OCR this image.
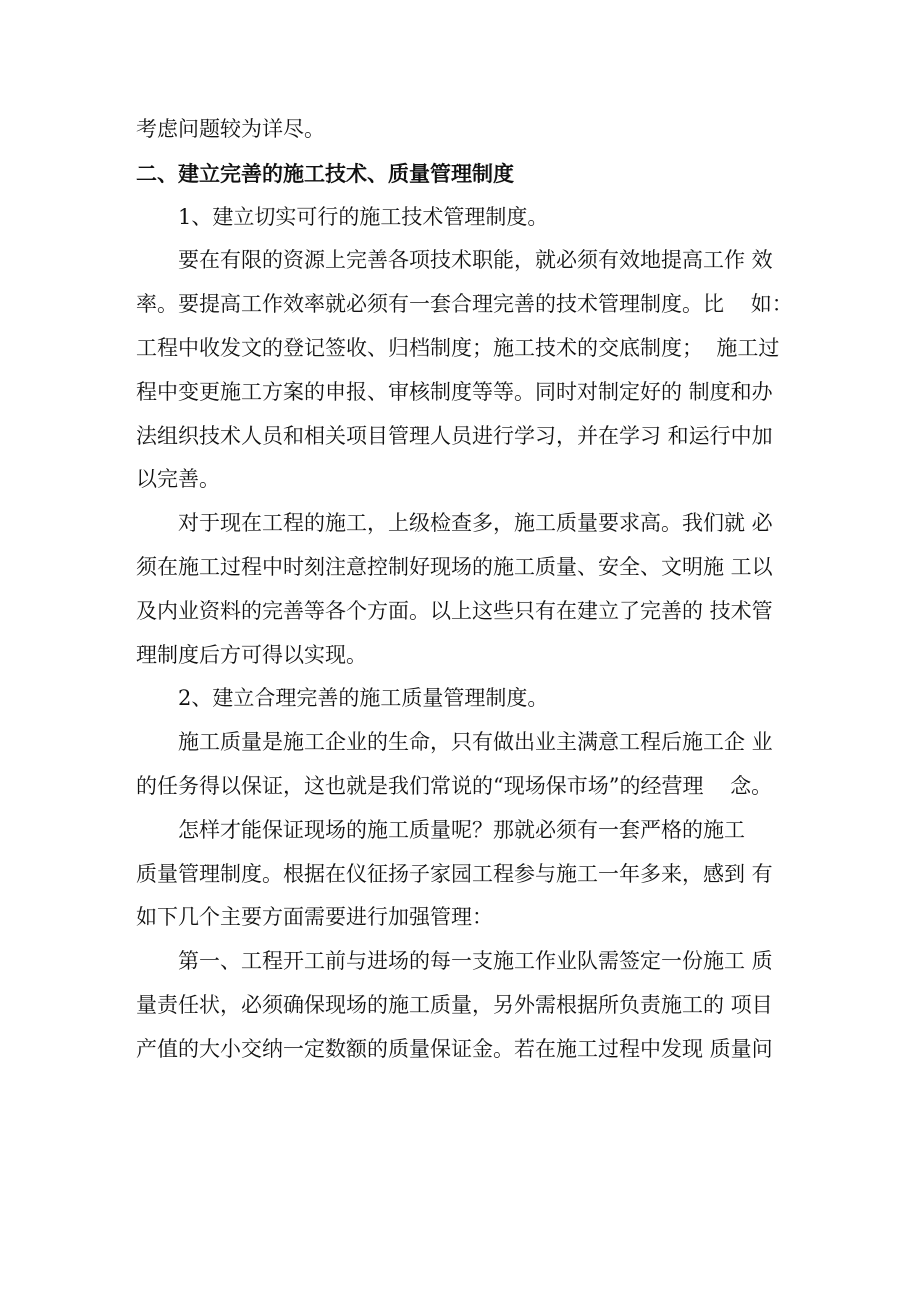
考虑问题较为详尽。

二、建立完善的施工技术、质量管理制度

1、建立切实可行的施工技术管理制度。

要在有限的资源上完善各项技术职能，就必须有效地提高工作 效

率。要提高工作效率就必须有一套合理完善的技术管理制度。比    如：

工程中收发文的登记签收、归档制度；施工技术的交底制度；  施工过

程中变更施工方案的申报、审核制度等等。同时对制定好的 制度和办

法组织技术人员和相关项目管理人员进行学习，并在学习 和运行中加

以完善。

对于现在工程的施工，上级检查多，施工质量要求高。我们就 必

须在施工过程中时刻注意控制好现场的施工质量、安全、文明施 工以

及内业资料的完善等各个方面。以上这些只有在建立了完善的 技术管

理制度后方可得以实现。

2、建立合理完善的施工质量管理制度。

施工质量是施工企业的生命，只有做出业主满意工程后施工企 业

的任务得以保证，这也就是我们常说的“现场保市场”的经营理    念。

怎样才能保证现场的施工质量呢？那就必须有一套严格的施工

质量管理制度。根据在仪征扬子家园工程参与施工一年多来，感到 有

如下几个主要方面需要进行加强管理：

第一、工程开工前与进场的每一支施工作业队需签定一份施工 质

量责任状，必须确保现场的施工质量，另外需根据所负责施工的 项目

产值的大小交纳一定数额的质量保证金。若在施工过程中发现 质量问
